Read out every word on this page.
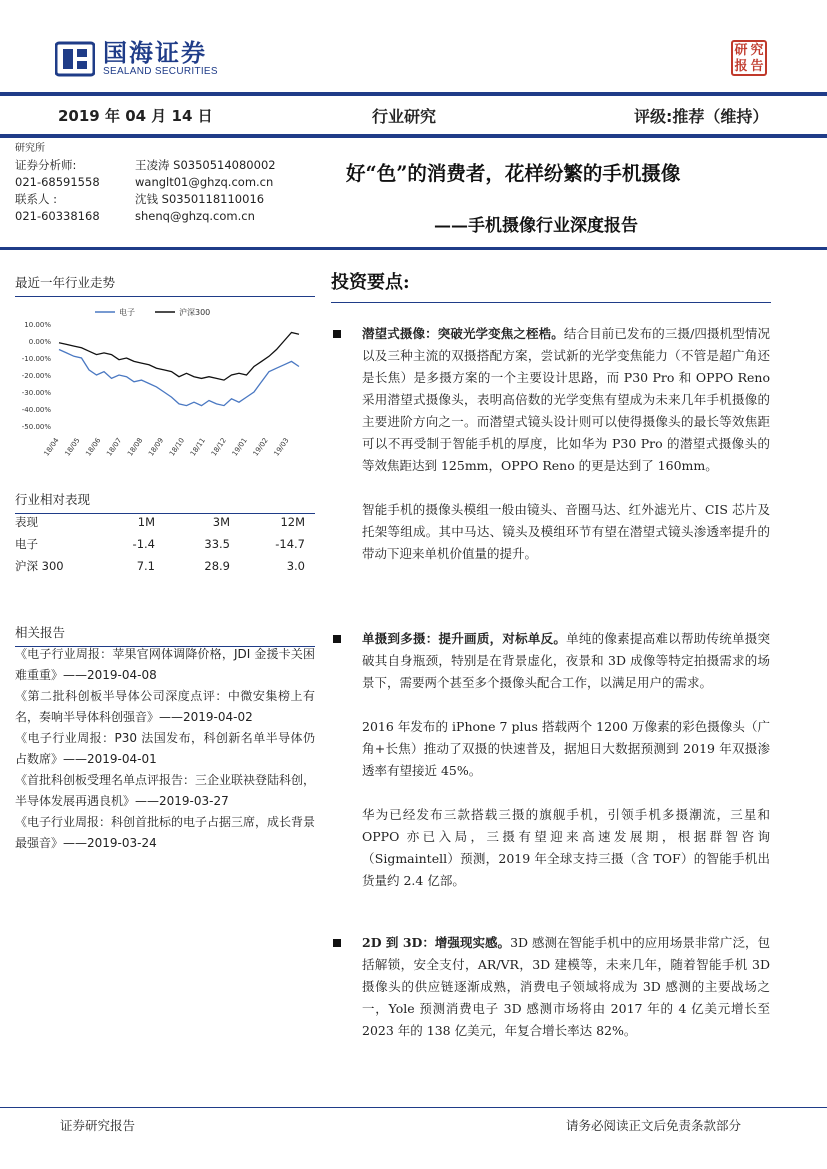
国海证券
SEALAND SECURITIES
研 究
报 告
2019 年 04 月 14 日	行业研究	评级:推荐（维持）
研究所
证券分析师:	王凌涛 S0350514080002
021-68591558	wanglt01@ghzq.com.cn
联系人 :	沈钱 S0350118110016
021-60338168	shenq@ghzq.com.cn
好“色”的消费者，花样纷繁的手机摄像
——手机摄像行业深度报告
最近一年行业走势
电子	沪深300
10.00%
0.00%
-10.00%
-20.00%
-30.00%
-40.00%
-50.00%
18/04 18/05 18/06 18/07 18/08 18/09 18/10 18/11 18/12 19/01 19/02 19/03
行业相对表现
表现	1M	3M	12M
电子	-1.4	33.5	-14.7
沪深 300	7.1	28.9	3.0
相关报告
《电子行业周报：苹果官网体调降价格，JDI 金援卡关困难重重》——2019-04-08
《第二批科创板半导体公司深度点评：中微安集榜上有名，奏响半导体科创强音》——2019-04-02
《电子行业周报：P30 法国发布，科创新名单半导体仍占数席》——2019-04-01
《首批科创板受理名单点评报告：三企业联袂登陆科创，半导体发展再遇良机》——2019-03-27
《电子行业周报：科创首批标的电子占据三席，成长背景最强音》——2019-03-24
投资要点:
潜望式摄像：突破光学变焦之桎梏。结合目前已发布的三摄/四摄机型情况以及三种主流的双摄搭配方案，尝试新的光学变焦能力（不管是超广角还是长焦）是多摄方案的一个主要设计思路，而 P30 Pro 和 OPPO Reno 采用潜望式摄像头，表明高倍数的光学变焦有望成为未来几年手机摄像的主要进阶方向之一。而潜望式镜头设计则可以使得摄像头的最长等效焦距可以不再受制于智能手机的厚度，比如华为 P30 Pro 的潜望式摄像头的等效焦距达到 125mm，OPPO Reno 的更是达到了 160mm。
智能手机的摄像头模组一般由镜头、音圈马达、红外滤光片、CIS 芯片及托架等组成。其中马达、镜头及模组环节有望在潜望式镜头渗透率提升的带动下迎来单机价值量的提升。
单摄到多摄：提升画质，对标单反。单纯的像素提高难以帮助传统单摄突破其自身瓶颈，特别是在背景虚化，夜景和 3D 成像等特定拍摄需求的场景下，需要两个甚至多个摄像头配合工作，以满足用户的需求。
2016 年发布的 iPhone 7 plus 搭载两个 1200 万像素的彩色摄像头（广角+长焦）推动了双摄的快速普及，据旭日大数据预测到 2019 年双摄渗透率有望接近 45%。
华为已经发布三款搭载三摄的旗舰手机，引领手机多摄潮流，三星和 OPPO 亦已入局，三摄有望迎来高速发展期，根据群智咨询（Sigmaintell）预测，2019 年全球支持三摄（含 TOF）的智能手机出货量约 2.4 亿部。
2D 到 3D：增强现实感。3D 感测在智能手机中的应用场景非常广泛，包括解锁，安全支付，AR/VR，3D 建模等，未来几年，随着智能手机 3D 摄像头的供应链逐渐成熟，消费电子领域将成为 3D 感测的主要战场之一，Yole 预测消费电子 3D 感测市场将由 2017 年的 4 亿美元增长至 2023 年的 138 亿美元，年复合增长率达 82%。
证券研究报告	请务必阅读正文后免责条款部分
